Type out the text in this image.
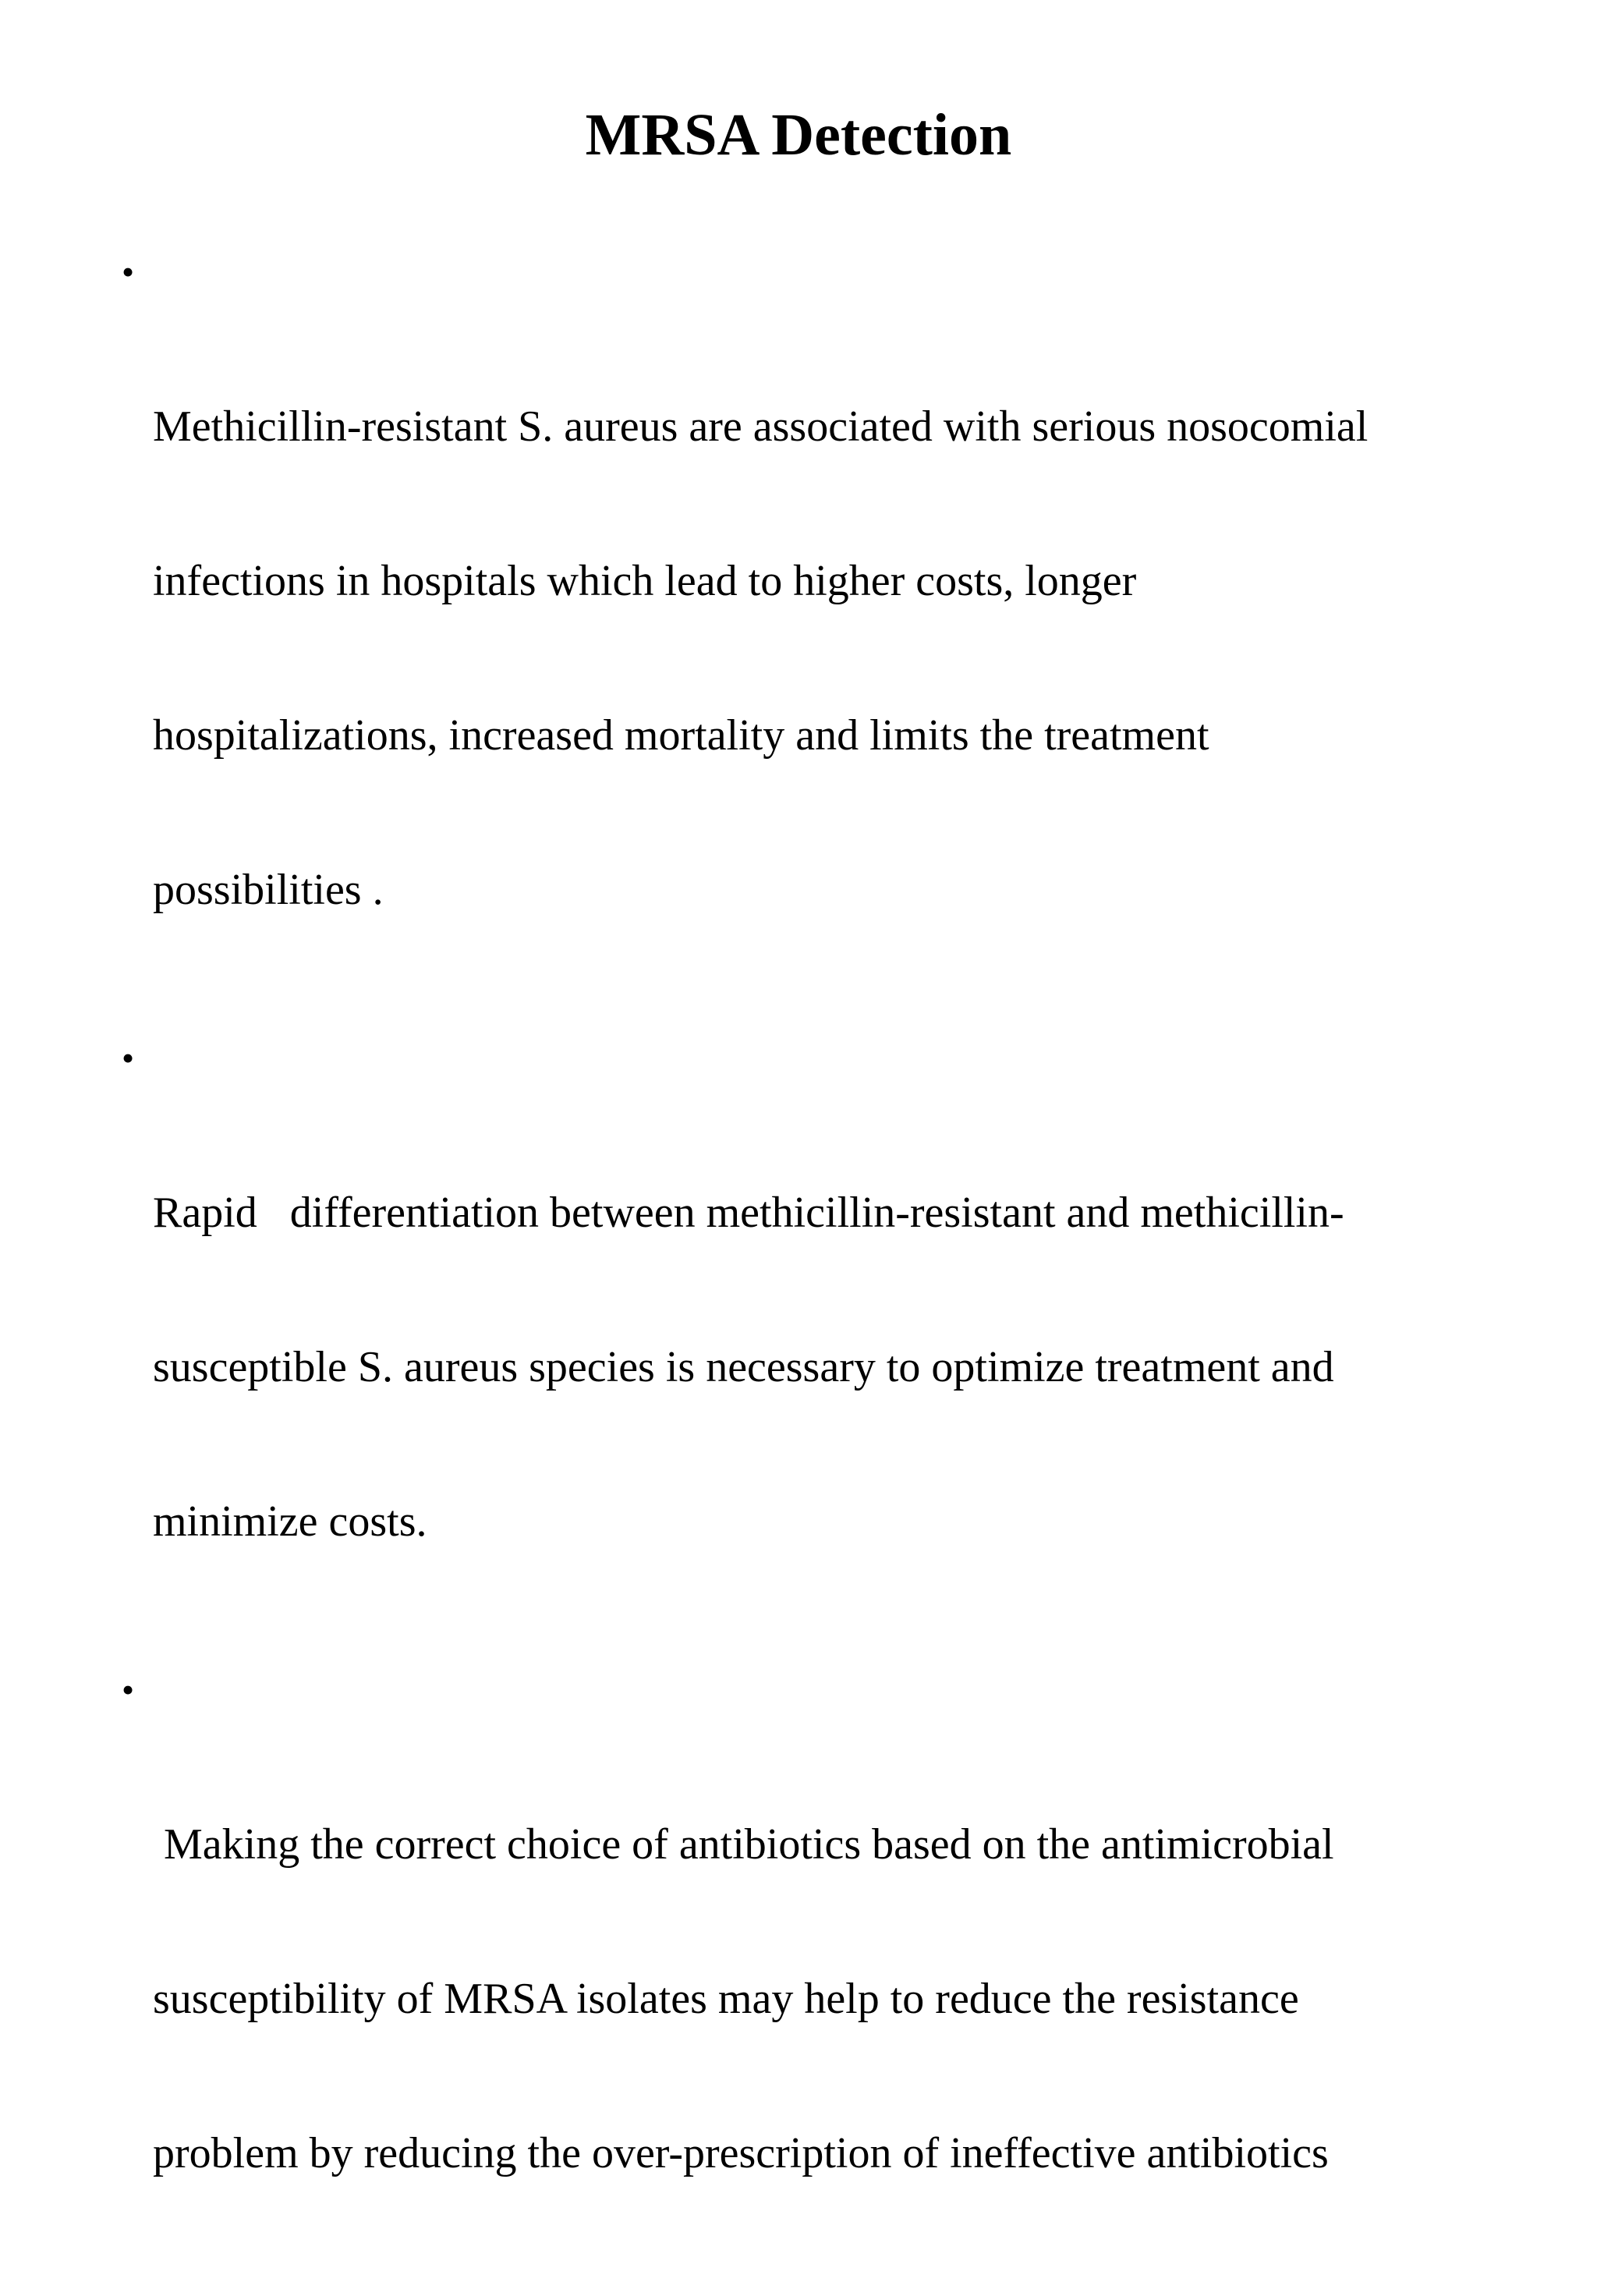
MRSA Detection

•

Methicillin-resistant S. aureus are associated with serious nosocomial

infections in hospitals which lead to higher costs, longer

hospitalizations, increased mortality and limits the treatment

possibilities .

•

Rapid   differentiation between methicillin-resistant and methicillin-

susceptible S. aureus species is necessary to optimize treatment and

minimize costs.

•

Making the correct choice of antibiotics based on the antimicrobial

susceptibility of MRSA isolates may help to reduce the resistance

problem by reducing the over-prescription of ineffective antibiotics
